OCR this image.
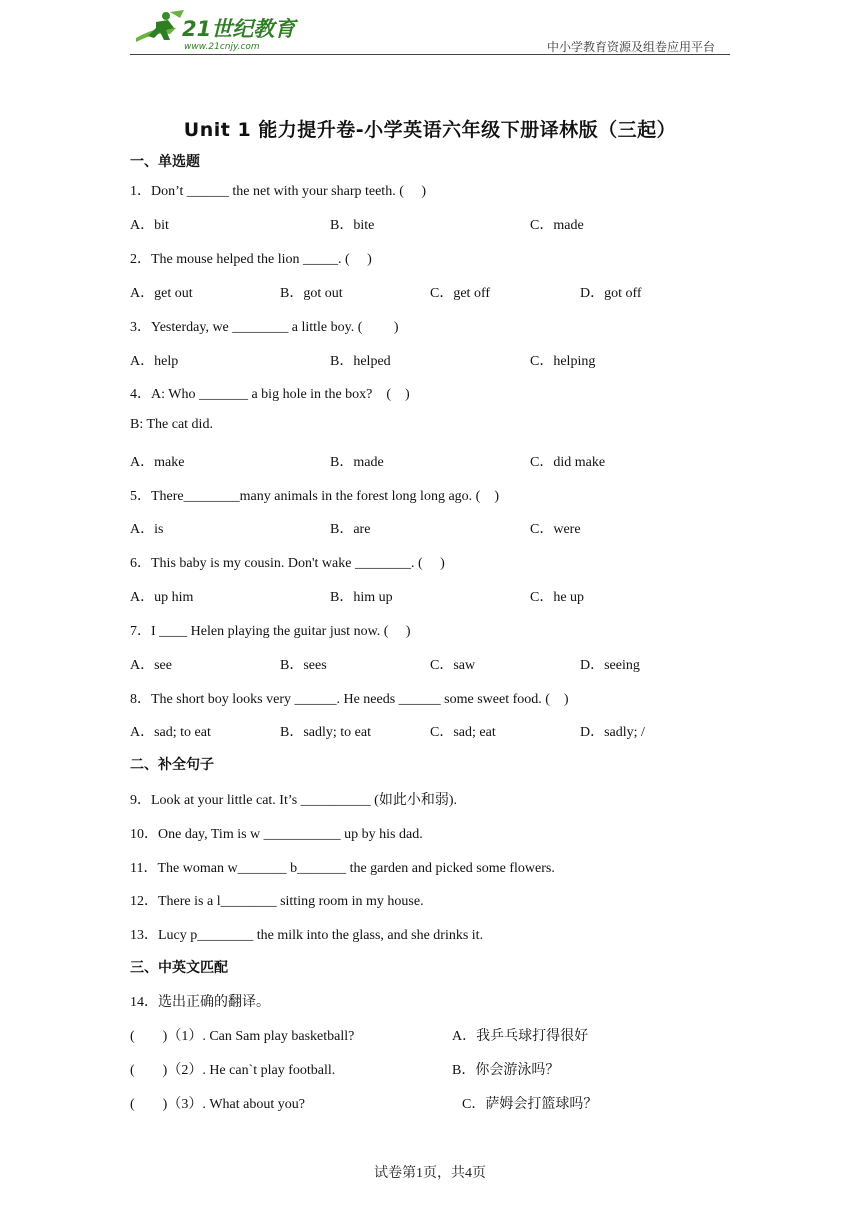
21世纪教育
www.21cnjy.com	中小学教育资源及组卷应用平台
Unit 1 能力提升卷-小学英语六年级下册译林版（三起）
一、单选题
1．Don’t ______ the net with your sharp teeth. (　 )
A．bit	B．bite	C．made
2．The mouse helped the lion _____. (　 )
A．get out	B．got out	C．get off	D．got off
3．Yesterday, we ________ a little boy. (　　 )
A．help	B．helped	C．helping
4．A: Who _______ a big hole in the box?　(　)
B: The cat did.
A．make	B．made	C．did make
5．There________many animals in the forest long long ago. (　)
A．is	B．are	C．were
6．This baby is my cousin. Don't wake ________. (　 )
A．up him	B．him up	C．he up
7．I ____ Helen playing the guitar just now. (　 )
A．see	B．sees	C．saw	D．seeing
8．The short boy looks very ______. He needs ______ some sweet food. (　)
A．sad; to eat	B．sadly; to eat	C．sad; eat	D．sadly; /
二、补全句子
9．Look at your little cat. It’s __________ (如此小和弱).
10．One day, Tim is w ___________ up by his dad.
11．The woman w_______ b_______ the garden and picked some flowers.
12．There is a l________ sitting room in my house.
13．Lucy p________ the milk into the glass, and she drinks it.
三、中英文匹配
14．选出正确的翻译。
(　　)（1）. Can Sam play basketball?	A．我乒乓球打得很好
(　　)（2）. He can`t play football.	B．你会游泳吗？
(　　)（3）. What about you?	C．萨姆会打篮球吗？
试卷第1页，共4页
